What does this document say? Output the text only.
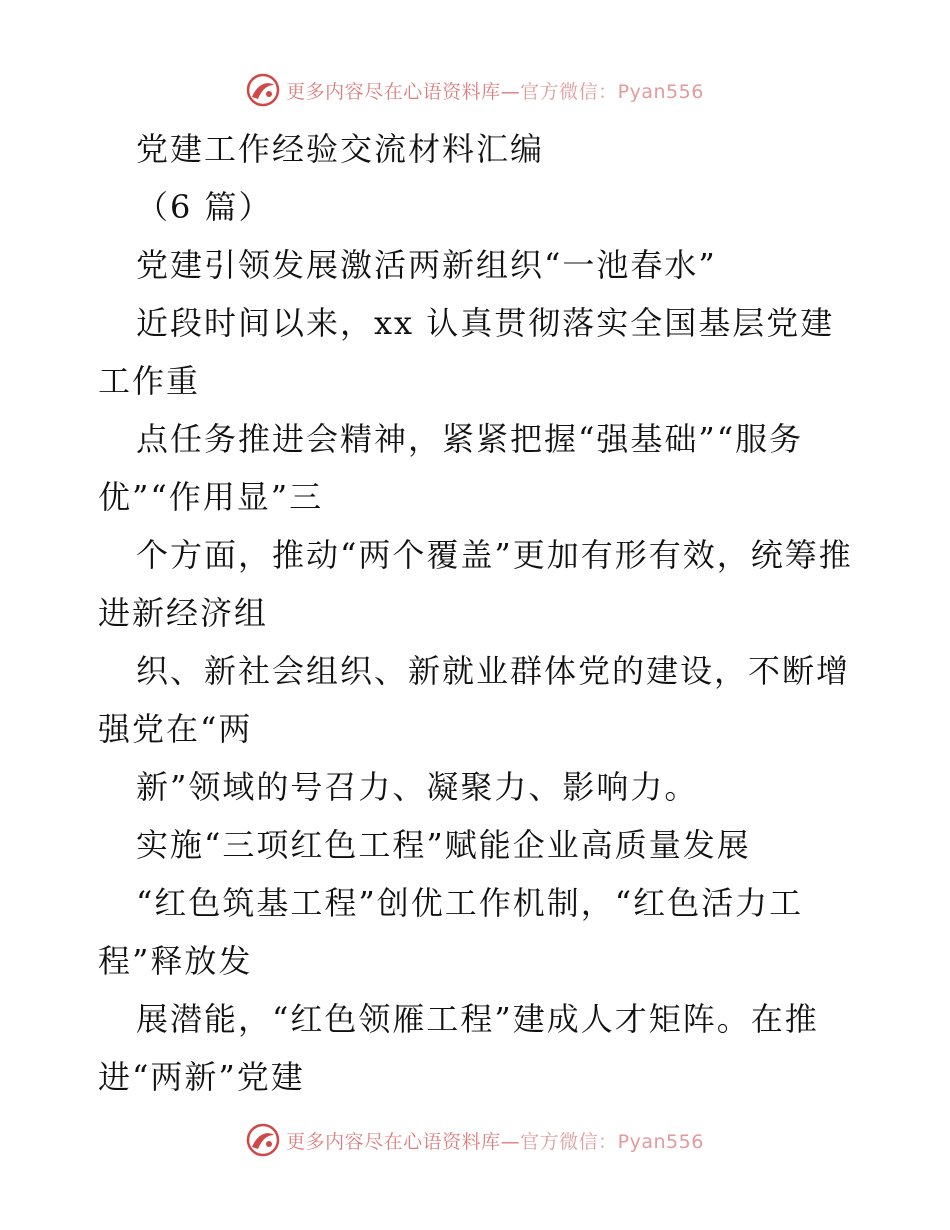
更多内容尽在心语资料库—官方微信：Pyan556
党建工作经验交流材料汇编
（6 篇）
党建引领发展激活两新组织“一池春水”
近段时间以来，xx 认真贯彻落实全国基层党建工作重
点任务推进会精神，紧紧把握“强基础”“服务优”“作用显”三
个方面，推动“两个覆盖”更加有形有效，统筹推进新经济组
织、新社会组织、新就业群体党的建设，不断增强党在“两
新”领域的号召力、凝聚力、影响力。
实施“三项红色工程”赋能企业高质量发展
“红色筑基工程”创优工作机制，“红色活力工程”释放发
展潜能，“红色领雁工程”建成人才矩阵。在推进“两新”党建
更多内容尽在心语资料库—官方微信：Pyan556
